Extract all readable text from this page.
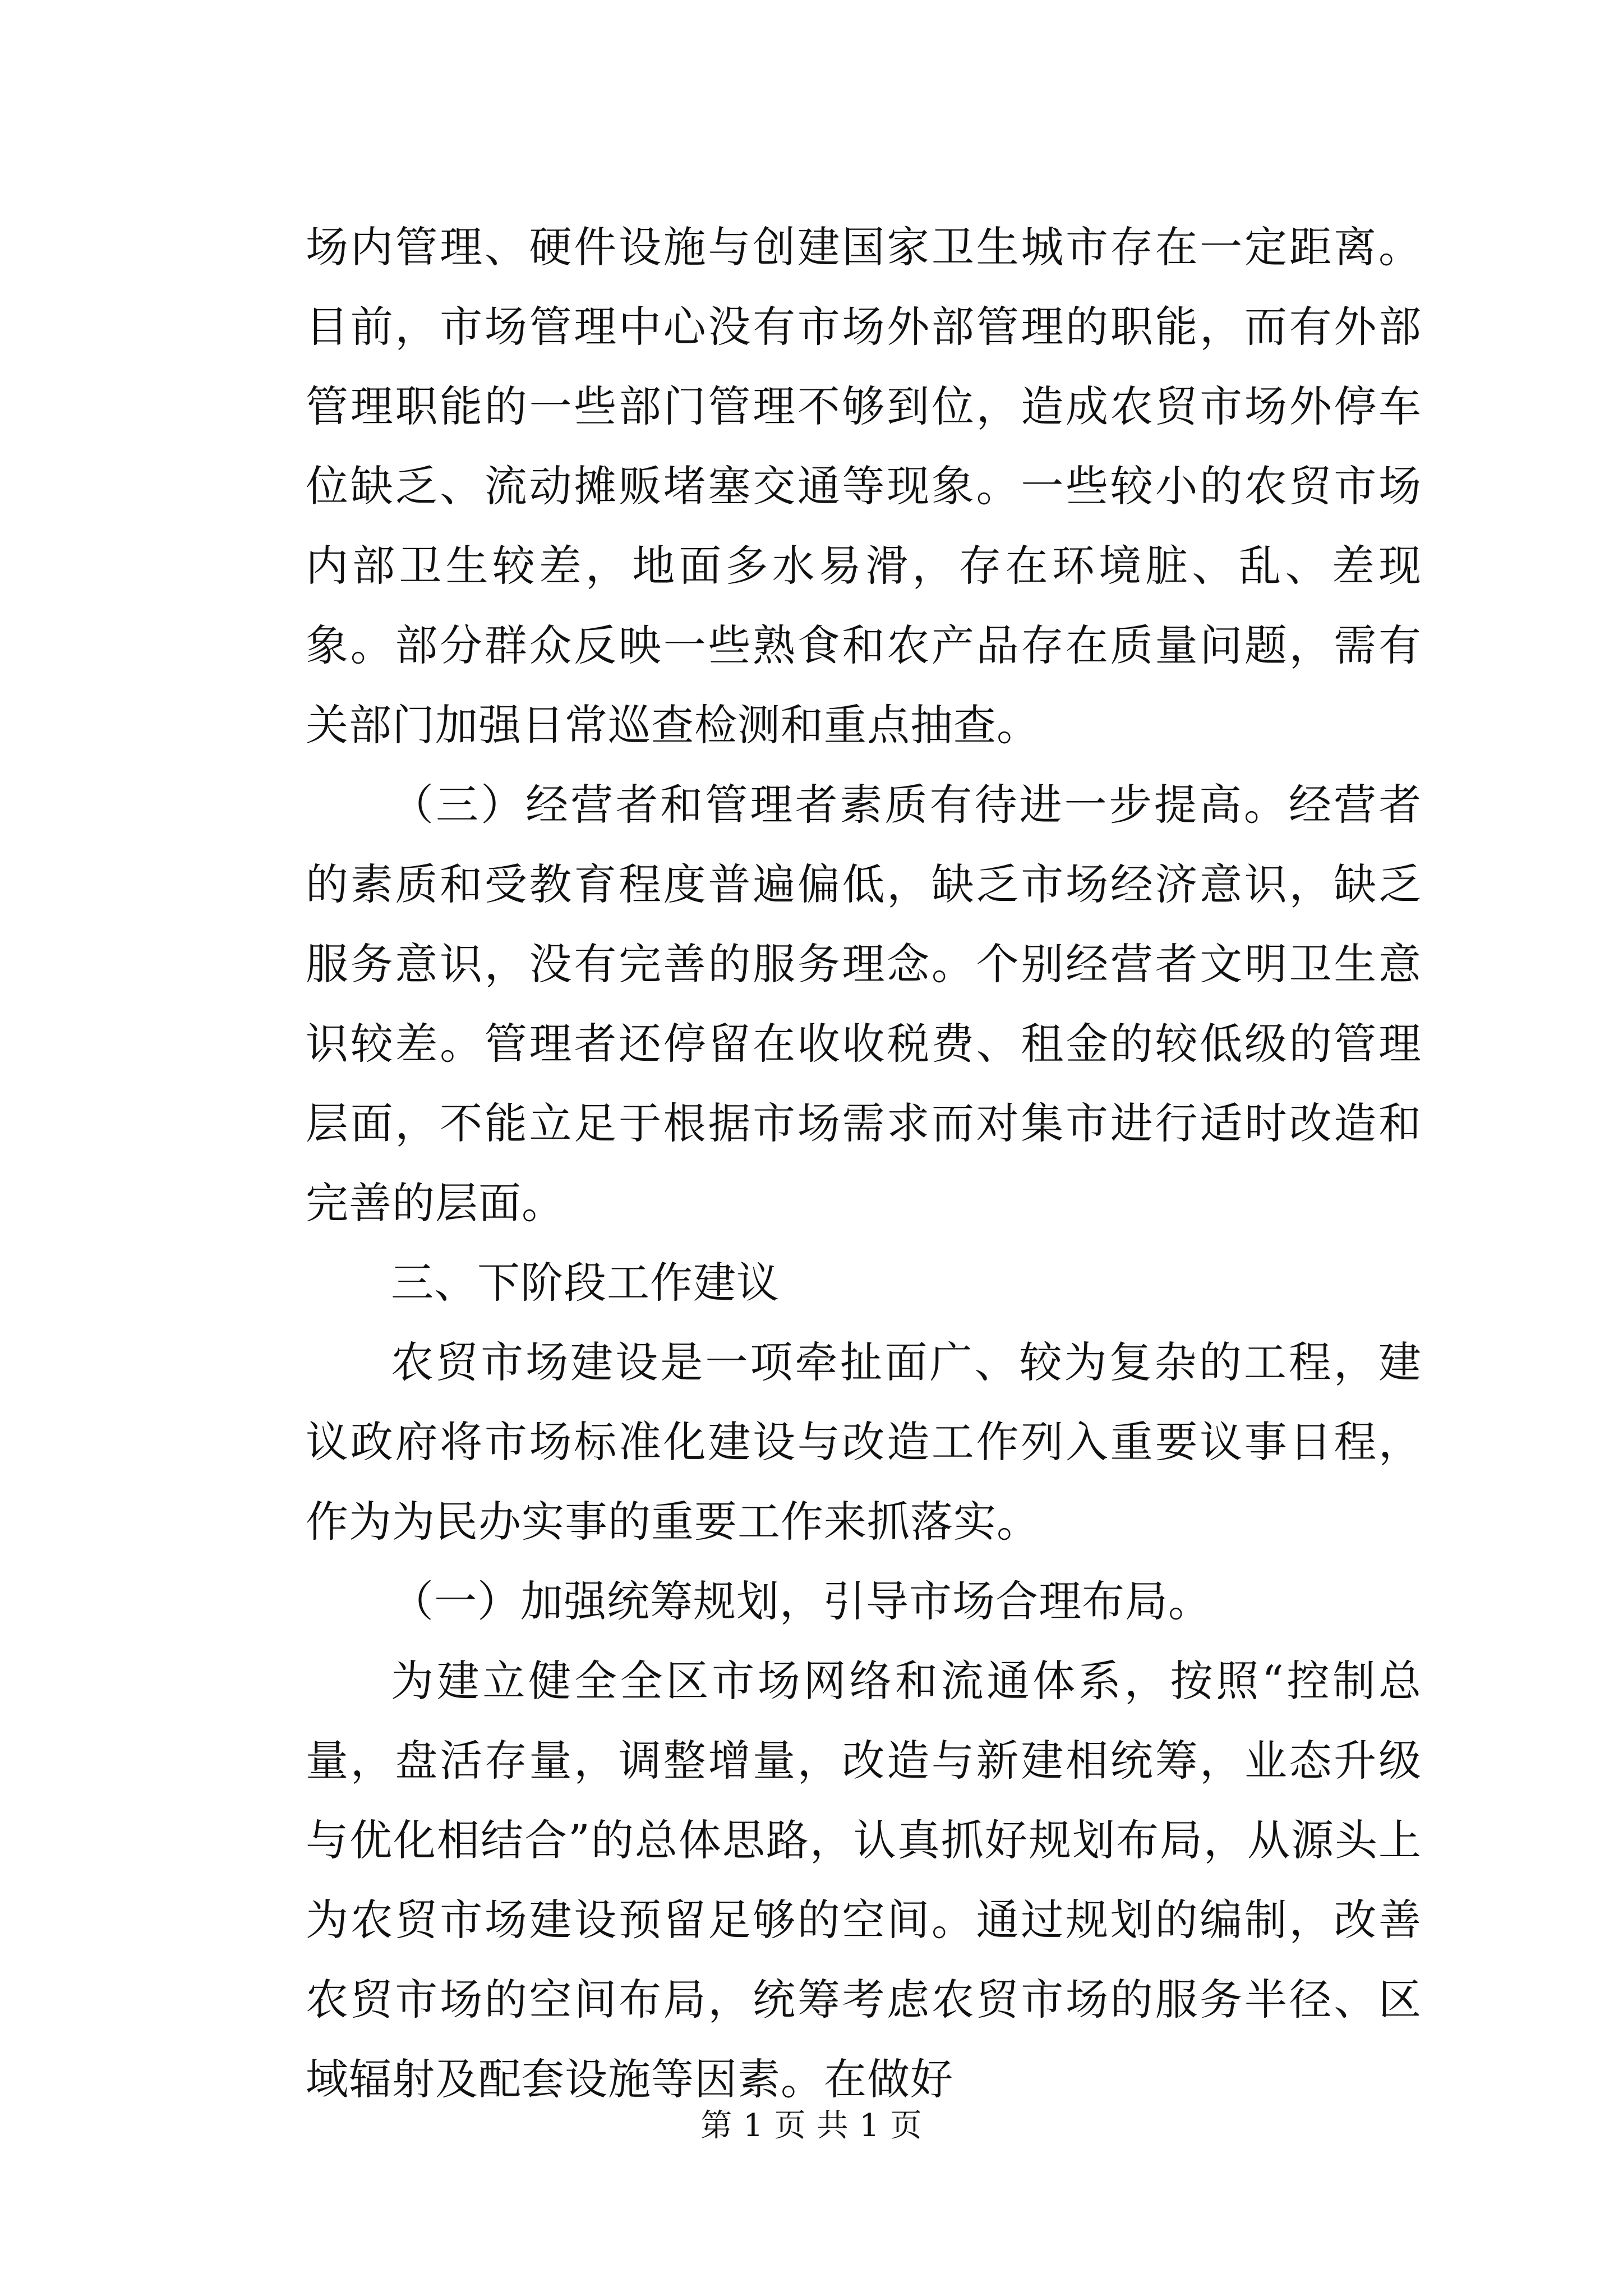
场内管理、硬件设施与创建国家卫生城市存在一定距离。目前，市场管理中心没有市场外部管理的职能，而有外部管理职能的一些部门管理不够到位，造成农贸市场外停车位缺乏、流动摊贩堵塞交通等现象。一些较小的农贸市场内部卫生较差，地面多水易滑，存在环境脏、乱、差现象。部分群众反映一些熟食和农产品存在质量问题，需有关部门加强日常巡查检测和重点抽查。

（三）经营者和管理者素质有待进一步提高。经营者的素质和受教育程度普遍偏低，缺乏市场经济意识，缺乏服务意识，没有完善的服务理念。个别经营者文明卫生意识较差。管理者还停留在收收税费、租金的较低级的管理层面，不能立足于根据市场需求而对集市进行适时改造和完善的层面。

三、下阶段工作建议

农贸市场建设是一项牵扯面广、较为复杂的工程，建议政府将市场标准化建设与改造工作列入重要议事日程，作为为民办实事的重要工作来抓落实。

（一）加强统筹规划，引导市场合理布局。

为建立健全全区市场网络和流通体系，按照“控制总量，盘活存量，调整增量，改造与新建相统筹，业态升级与优化相结合”的总体思路，认真抓好规划布局，从源头上为农贸市场建设预留足够的空间。通过规划的编制，改善农贸市场的空间布局，统筹考虑农贸市场的服务半径、区域辐射及配套设施等因素。在做好

第 1 页 共 1 页
